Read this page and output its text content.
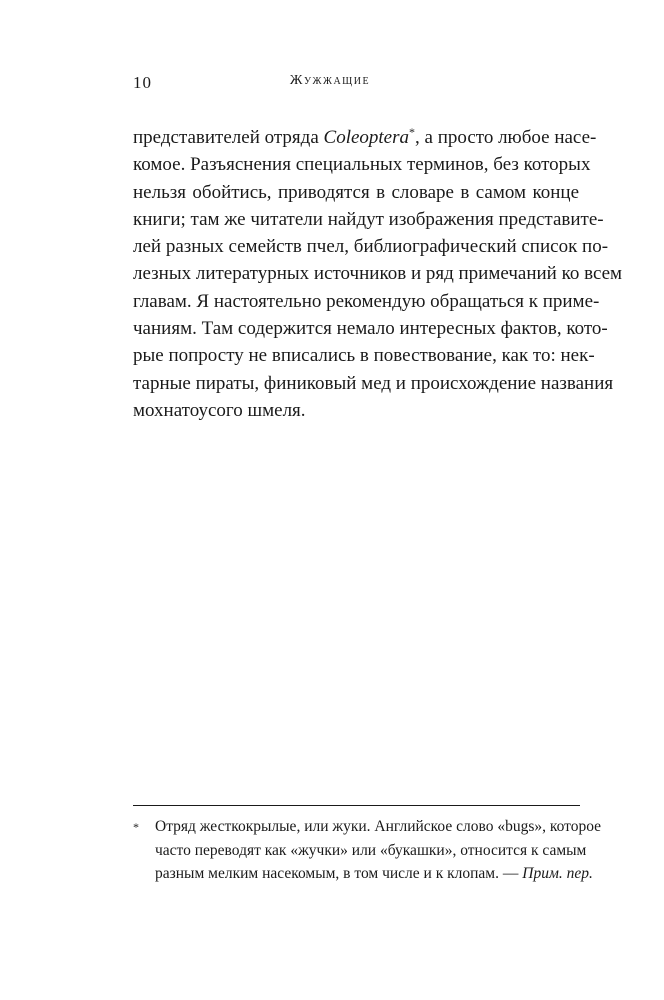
10	Жужжащие
представителей отряда Coleoptera*, а просто любое насе-
комое. Разъяснения специальных терминов, без которых
нельзя обойтись, приводятся в словаре в самом конце
книги; там же читатели найдут изображения представите-
лей разных семейств пчел, библиографический список по-
лезных литературных источников и ряд примечаний ко всем
главам. Я настоятельно рекомендую обращаться к приме-
чаниям. Там содержится немало интересных фактов, кото-
рые попросту не вписались в повествование, как то: нек-
тарные пираты, финиковый мед и происхождение названия
мохнатоусого шмеля.
* Отряд жесткокрылые, или жуки. Английское слово «bugs», которое
часто переводят как «жучки» или «букашки», относится к самым
разным мелким насекомым, в том числе и к клопам. — Прим. пер.
